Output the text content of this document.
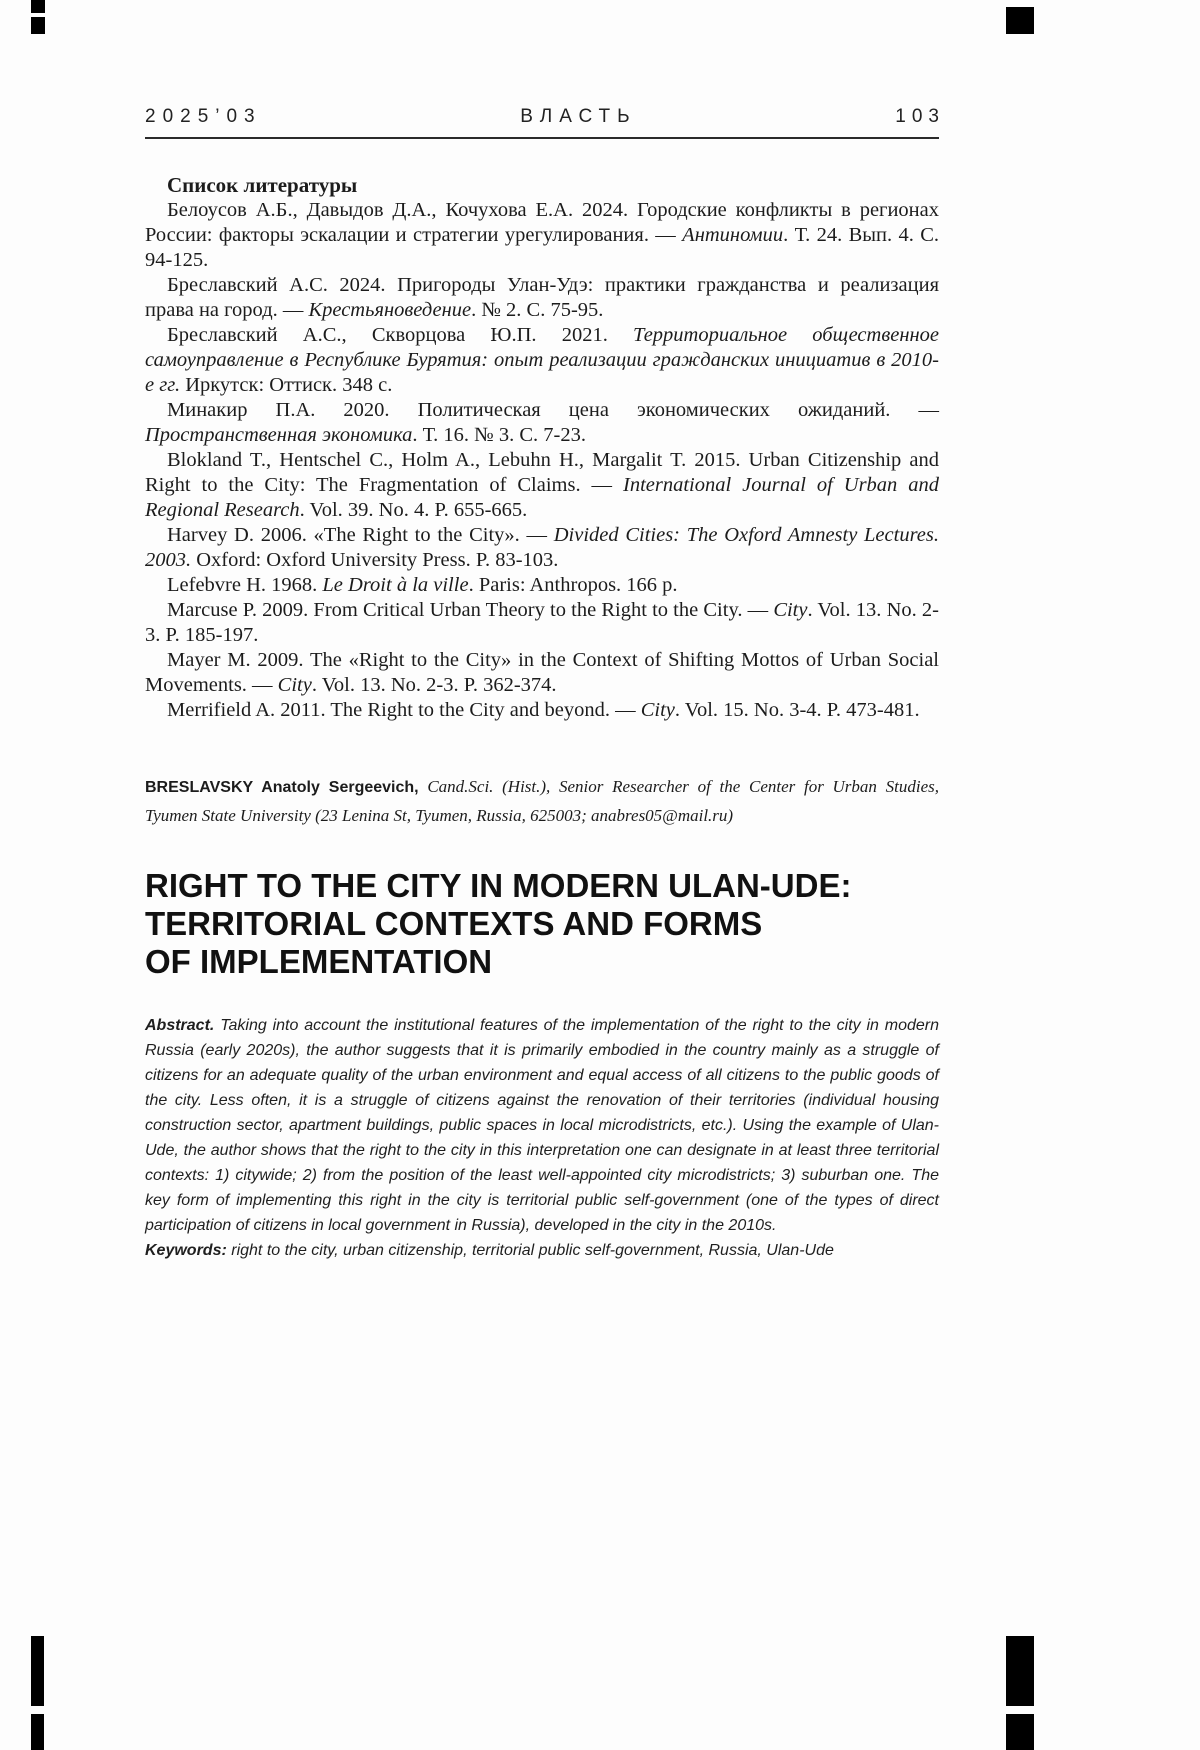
2025’03	ВЛАСТЬ	103
Список литературы

Белоусов А.Б., Давыдов Д.А., Кочухова Е.А. 2024. Городские конфликты в регионах России: факторы эскалации и стратегии урегулирования. — Антиномии. Т. 24. Вып. 4. С. 94-125.

Бреславский А.С. 2024. Пригороды Улан-Удэ: практики гражданства и реализация права на город. — Крестьяноведение. № 2. С. 75-95.

Бреславский А.С., Скворцова Ю.П. 2021. Территориальное общественное самоуправление в Республике Бурятия: опыт реализации гражданских инициатив в 2010-е гг. Иркутск: Оттиск. 348 с.

Минакир П.А. 2020. Политическая цена экономических ожиданий. — Пространственная экономика. Т. 16. № 3. С. 7-23.

Blokland T., Hentschel C., Holm A., Lebuhn H., Margalit T. 2015. Urban Citizenship and Right to the City: The Fragmentation of Claims. — International Journal of Urban and Regional Research. Vol. 39. No. 4. P. 655-665.

Harvey D. 2006. «The Right to the City». — Divided Cities: The Oxford Amnesty Lectures. 2003. Oxford: Oxford University Press. P. 83-103.

Lefebvre H. 1968. Le Droit à la ville. Paris: Anthropos. 166 p.

Marcuse P. 2009. From Critical Urban Theory to the Right to the City. — City. Vol. 13. No. 2-3. P. 185-197.

Mayer M. 2009. The «Right to the City» in the Context of Shifting Mottos of Urban Social Movements. — City. Vol. 13. No. 2-3. P. 362-374.

Merrifield A. 2011. The Right to the City and beyond. — City. Vol. 15. No. 3-4. P. 473-481.

BRESLAVSKY Anatoly Sergeevich, Cand.Sci. (Hist.), Senior Researcher of the Center for Urban Studies, Tyumen State University (23 Lenina St, Tyumen, Russia, 625003; anabres05@mail.ru)

RIGHT TO THE CITY IN MODERN ULAN-UDE:
TERRITORIAL CONTEXTS AND FORMS
OF IMPLEMENTATION

Abstract. Taking into account the institutional features of the implementation of the right to the city in modern Russia (early 2020s), the author suggests that it is primarily embodied in the country mainly as a struggle of citizens for an adequate quality of the urban environment and equal access of all citizens to the public goods of the city. Less often, it is a struggle of citizens against the renovation of their territories (individual housing construction sector, apartment buildings, public spaces in local microdistricts, etc.). Using the example of Ulan-Ude, the author shows that the right to the city in this interpretation one can designate in at least three territorial contexts: 1) citywide; 2) from the position of the least well-appointed city microdistricts; 3) suburban one. The key form of implementing this right in the city is territorial public self-government (one of the types of direct participation of citizens in local government in Russia), developed in the city in the 2010s.

Keywords: right to the city, urban citizenship, territorial public self-government, Russia, Ulan-Ude
